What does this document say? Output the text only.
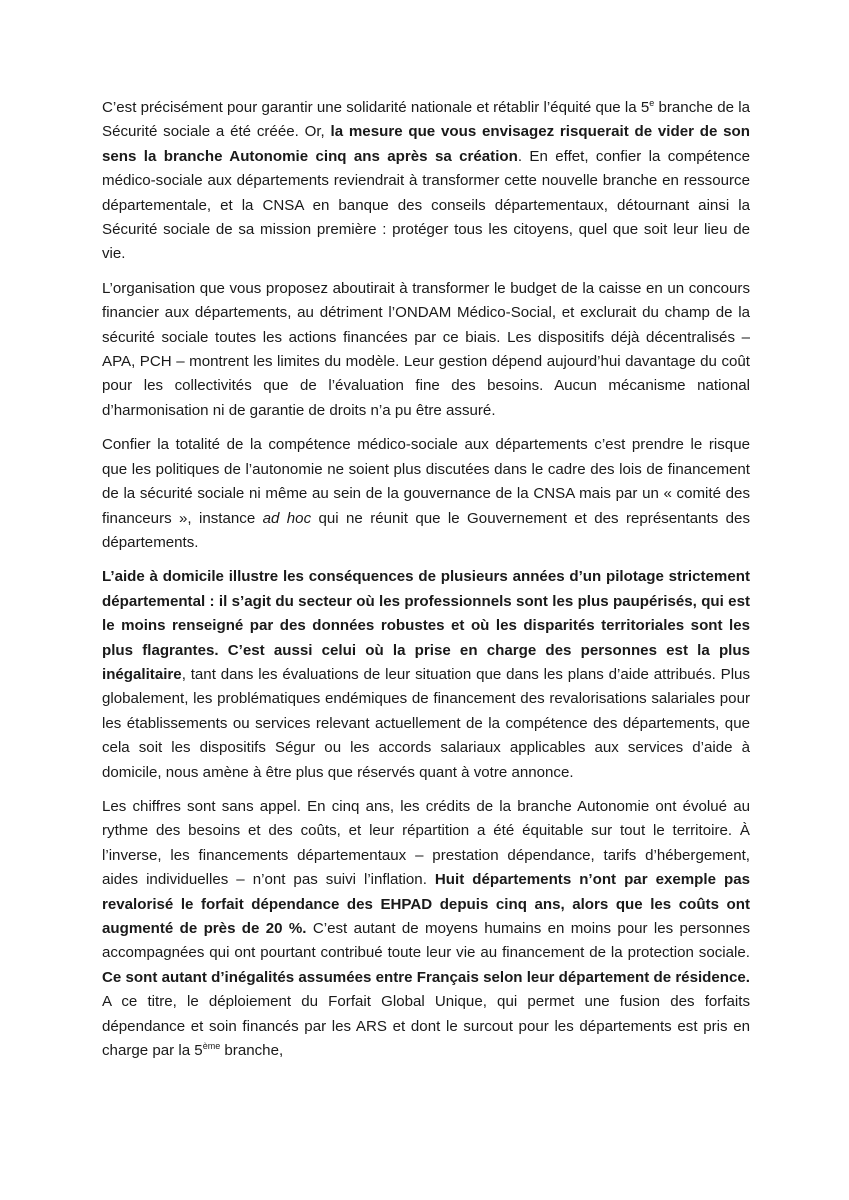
C’est précisément pour garantir une solidarité nationale et rétablir l’équité que la 5e branche de la Sécurité sociale a été créée. Or, la mesure que vous envisagez risquerait de vider de son sens la branche Autonomie cinq ans après sa création. En effet, confier la compétence médico-sociale aux départements reviendrait à transformer cette nouvelle branche en ressource départementale, et la CNSA en banque des conseils départementaux, détournant ainsi la Sécurité sociale de sa mission première : protéger tous les citoyens, quel que soit leur lieu de vie.

L’organisation que vous proposez aboutirait à transformer le budget de la caisse en un concours financier aux départements, au détriment l’ONDAM Médico-Social, et exclurait du champ de la sécurité sociale toutes les actions financées par ce biais. Les dispositifs déjà décentralisés – APA, PCH – montrent les limites du modèle. Leur gestion dépend aujourd’hui davantage du coût pour les collectivités que de l’évaluation fine des besoins. Aucun mécanisme national d’harmonisation ni de garantie de droits n’a pu être assuré.

Confier la totalité de la compétence médico-sociale aux départements c’est prendre le risque que les politiques de l’autonomie ne soient plus discutées dans le cadre des lois de financement de la sécurité sociale ni même au sein de la gouvernance de la CNSA mais par un « comité des financeurs », instance ad hoc qui ne réunit que le Gouvernement et des représentants des départements.

L’aide à domicile illustre les conséquences de plusieurs années d’un pilotage strictement départemental : il s’agit du secteur où les professionnels sont les plus paupérisés, qui est le moins renseigné par des données robustes et où les disparités territoriales sont les plus flagrantes. C’est aussi celui où la prise en charge des personnes est la plus inégalitaire, tant dans les évaluations de leur situation que dans les plans d’aide attribués. Plus globalement, les problématiques endémiques de financement des revalorisations salariales pour les établissements ou services relevant actuellement de la compétence des départements, que cela soit les dispositifs Ségur ou les accords salariaux applicables aux services d’aide à domicile, nous amène à être plus que réservés quant à votre annonce.

Les chiffres sont sans appel. En cinq ans, les crédits de la branche Autonomie ont évolué au rythme des besoins et des coûts, et leur répartition a été équitable sur tout le territoire. À l’inverse, les financements départementaux – prestation dépendance, tarifs d’hébergement, aides individuelles – n’ont pas suivi l’inflation. Huit départements n’ont par exemple pas revalorisé le forfait dépendance des EHPAD depuis cinq ans, alors que les coûts ont augmenté de près de 20 %. C’est autant de moyens humains en moins pour les personnes accompagnées qui ont pourtant contribué toute leur vie au financement de la protection sociale. Ce sont autant d’inégalités assumées entre Français selon leur département de résidence. A ce titre, le déploiement du Forfait Global Unique, qui permet une fusion des forfaits dépendance et soin financés par les ARS et dont le surcout pour les départements est pris en charge par la 5ème branche,
